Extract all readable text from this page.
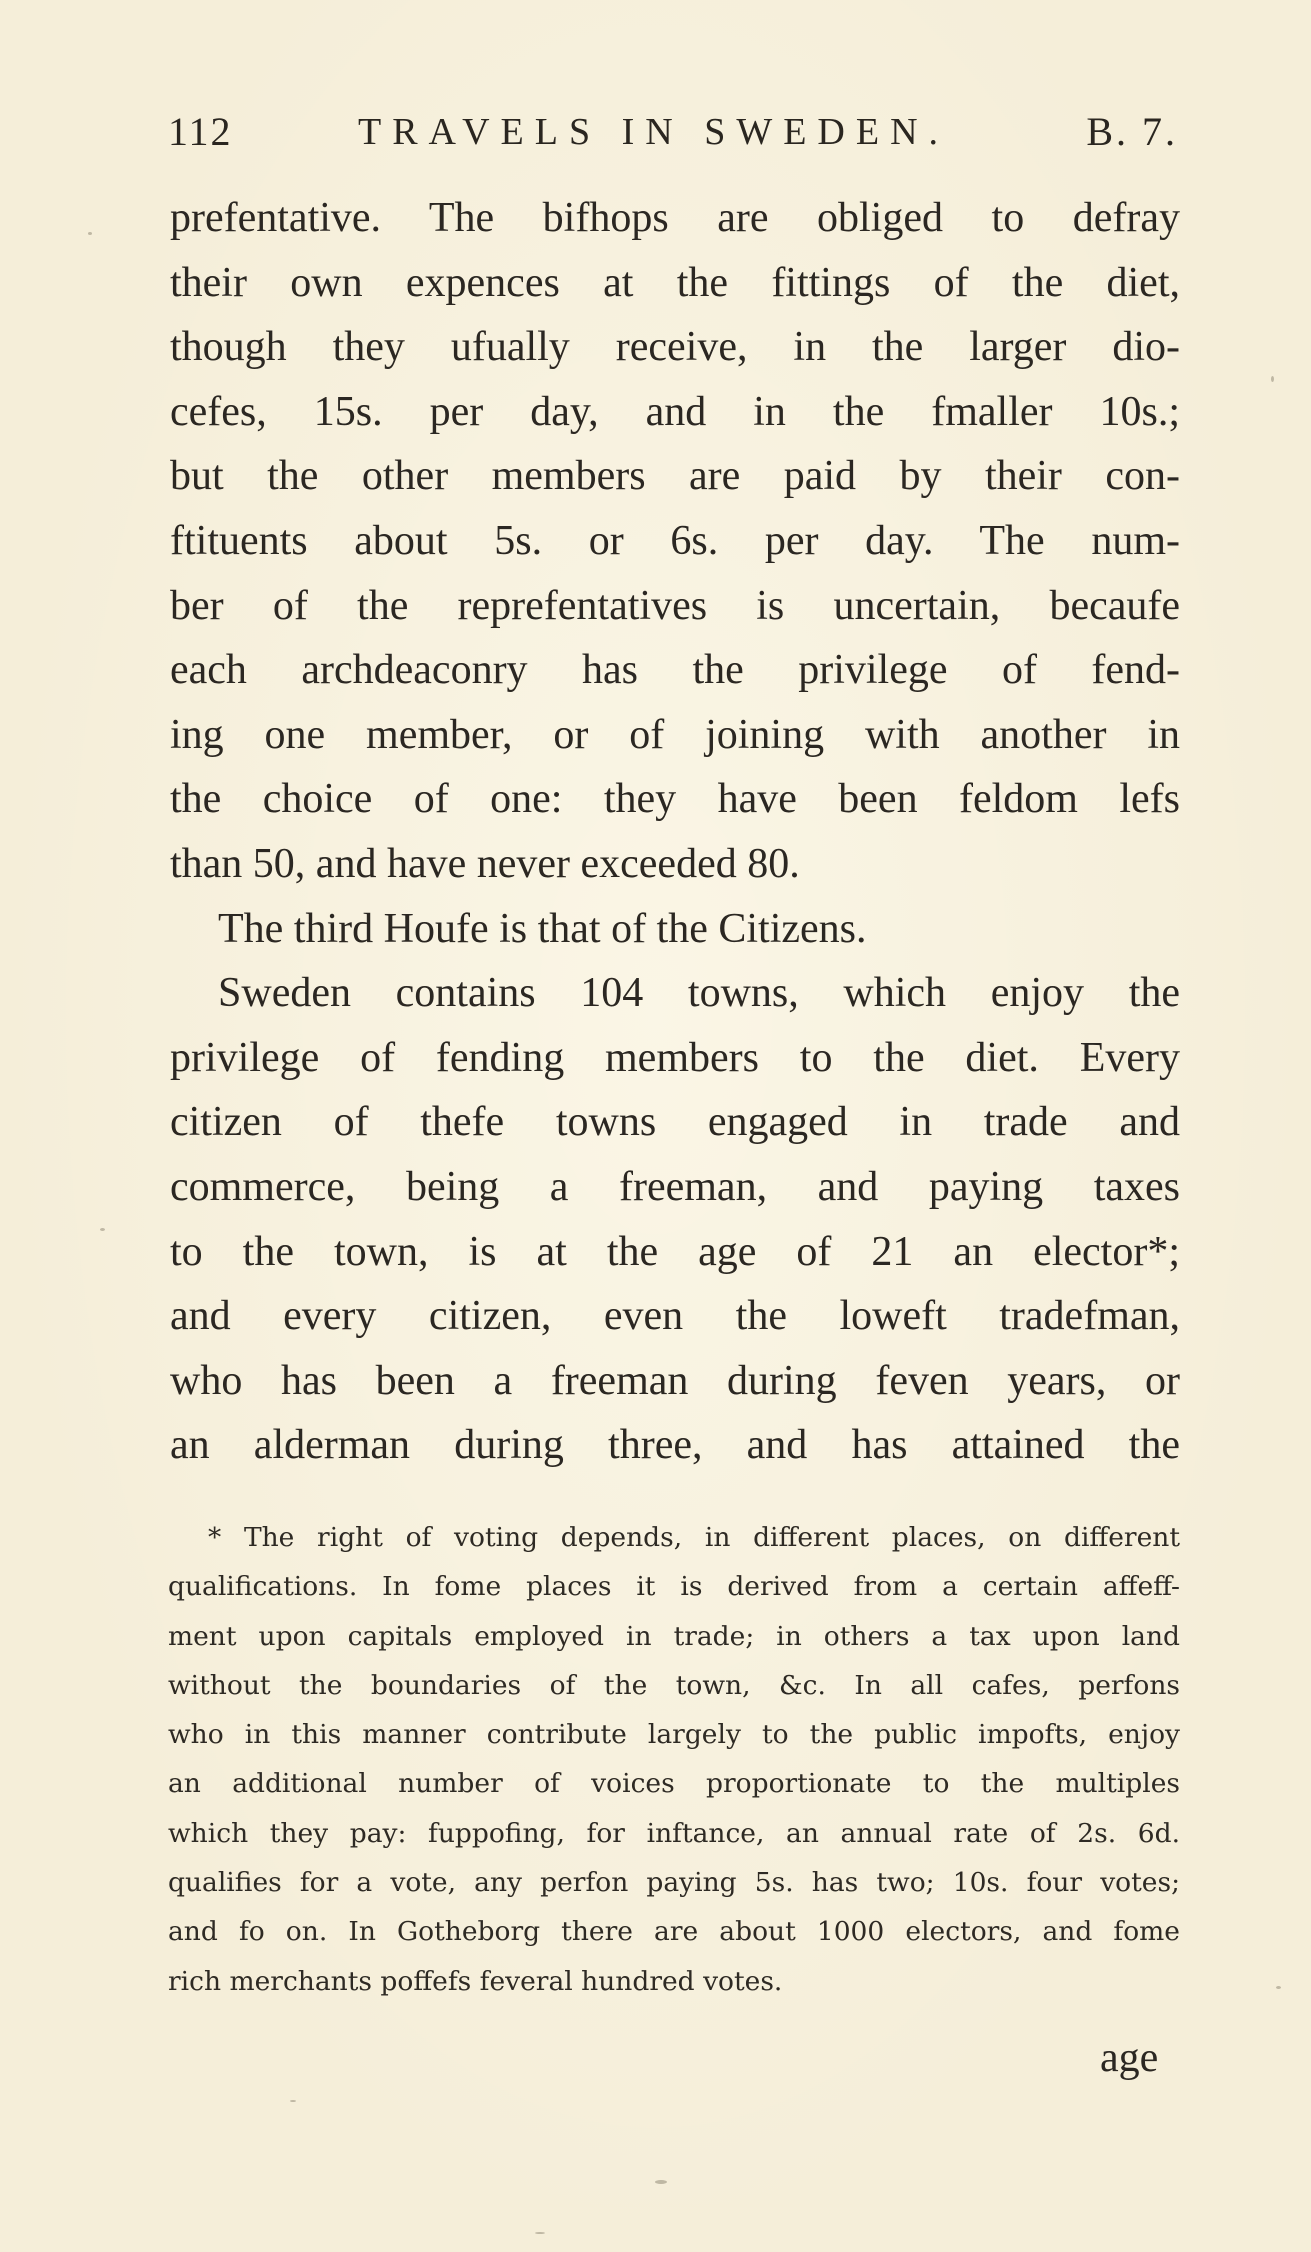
112	TRAVELS IN SWEDEN.	B. 7.
prefentative. The bifhops are obliged to defray
their own expences at the fittings of the diet,
though they ufually receive, in the larger dio-
cefes, 15s. per day, and in the fmaller 10s.;
but the other members are paid by their con-
ftituents about 5s. or 6s. per day. The num-
ber of the reprefentatives is uncertain, becaufe
each archdeaconry has the privilege of fend-
ing one member, or of joining with another in
the choice of one: they have been feldom lefs
than 50, and have never exceeded 80.
The third Houfe is that of the Citizens.
Sweden contains 104 towns, which enjoy the
privilege of fending members to the diet. Every
citizen of thefe towns engaged in trade and
commerce, being a freeman, and paying taxes
to the town, is at the age of 21 an elector*;
and every citizen, even the loweft tradefman,
who has been a freeman during feven years, or
an alderman during three, and has attained the
* The right of voting depends, in different places, on different
qualifications. In fome places it is derived from a certain affeff-
ment upon capitals employed in trade; in others a tax upon land
without the boundaries of the town, &c. In all cafes, perfons
who in this manner contribute largely to the public impofts, enjoy
an additional number of voices proportionate to the multiples
which they pay: fuppofing, for inftance, an annual rate of 2s. 6d.
qualifies for a vote, any perfon paying 5s. has two; 10s. four votes;
and fo on. In Gotheborg there are about 1000 electors, and fome
rich merchants poffefs feveral hundred votes.
age
